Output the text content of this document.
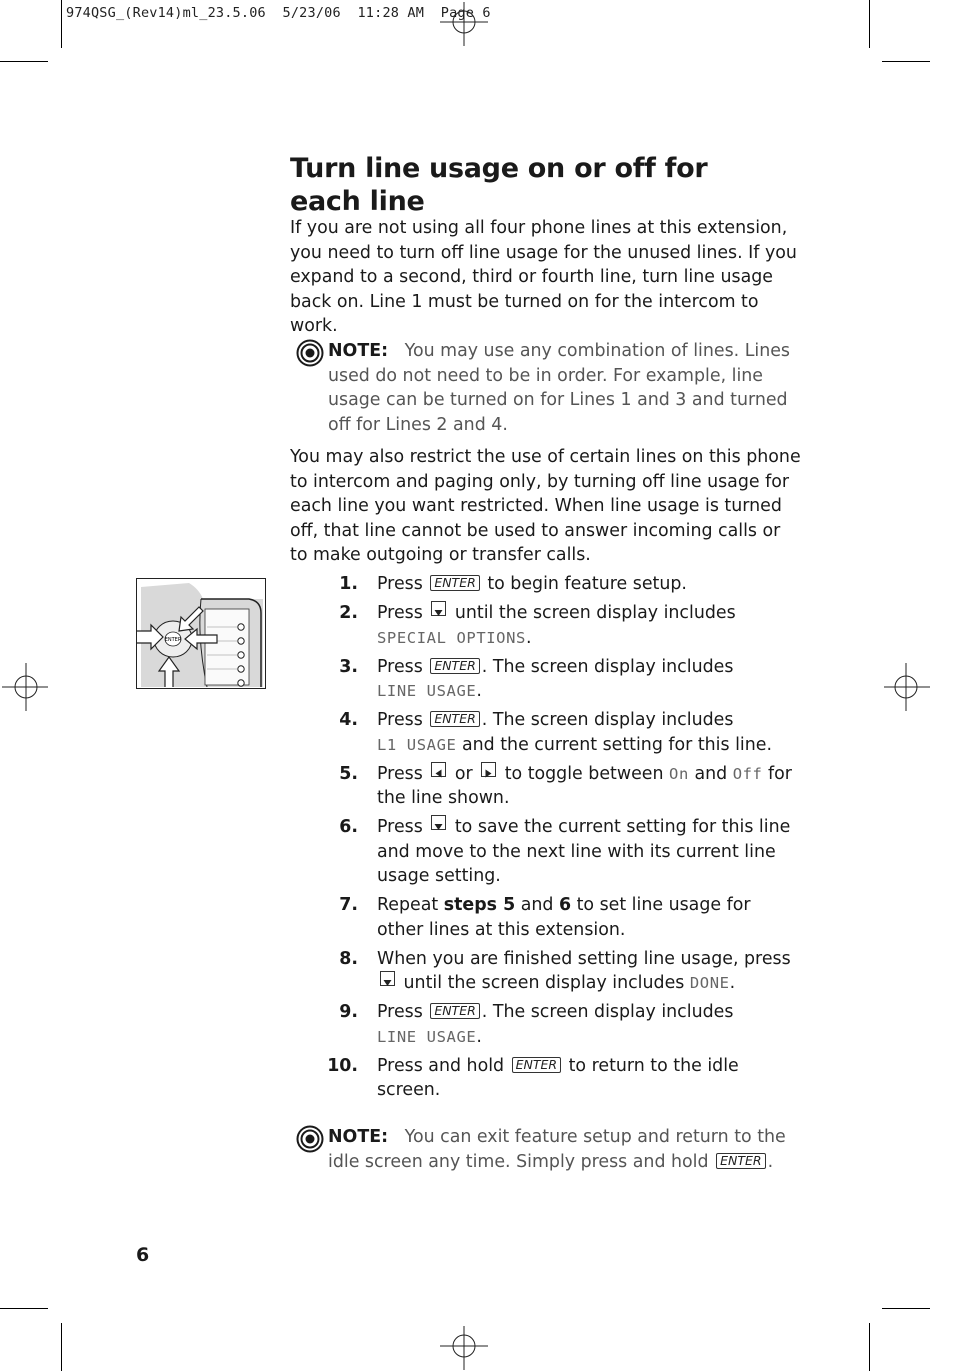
974QSG_(Rev14)ml_23.5.06  5/23/06  11:28 AM  Page 6
Turn line usage on or off for each line

If you are not using all four phone lines at this extension, you need to turn off line usage for the unused lines. If you expand to a second, third or fourth line, turn line usage back on. Line 1 must be turned on for the intercom to work.

NOTE: You may use any combination of lines. Lines used do not need to be in order. For example, line usage can be turned on for Lines 1 and 3 and turned off for Lines 2 and 4.

You may also restrict the use of certain lines on this phone to intercom and paging only, by turning off line usage for each line you want restricted. When line usage is turned off, that line cannot be used to answer incoming calls or to make outgoing or transfer calls.

ENTER
1. Press ENTER to begin feature setup.
2. Press until the screen display includes
SPECIAL OPTIONS.
3. Press ENTER . The screen display includes
LINE USAGE.
4. Press ENTER . The screen display includes
L1 USAGE and the current setting for this line.
5. Press or to toggle between On and Off for the line shown.
6. Press to save the current setting for this line and move to the next line with its current line usage setting.
7. Repeat steps 5 and 6 to set line usage for other lines at this extension.
8. When you are finished setting line usage, press  until the screen display includes DONE.
9. Press ENTER . The screen display includes
LINE USAGE.
10. Press and hold ENTER to return to the idle screen.
NOTE: You can exit feature setup and return to the idle screen any time. Simply press and hold ENTER .
6
